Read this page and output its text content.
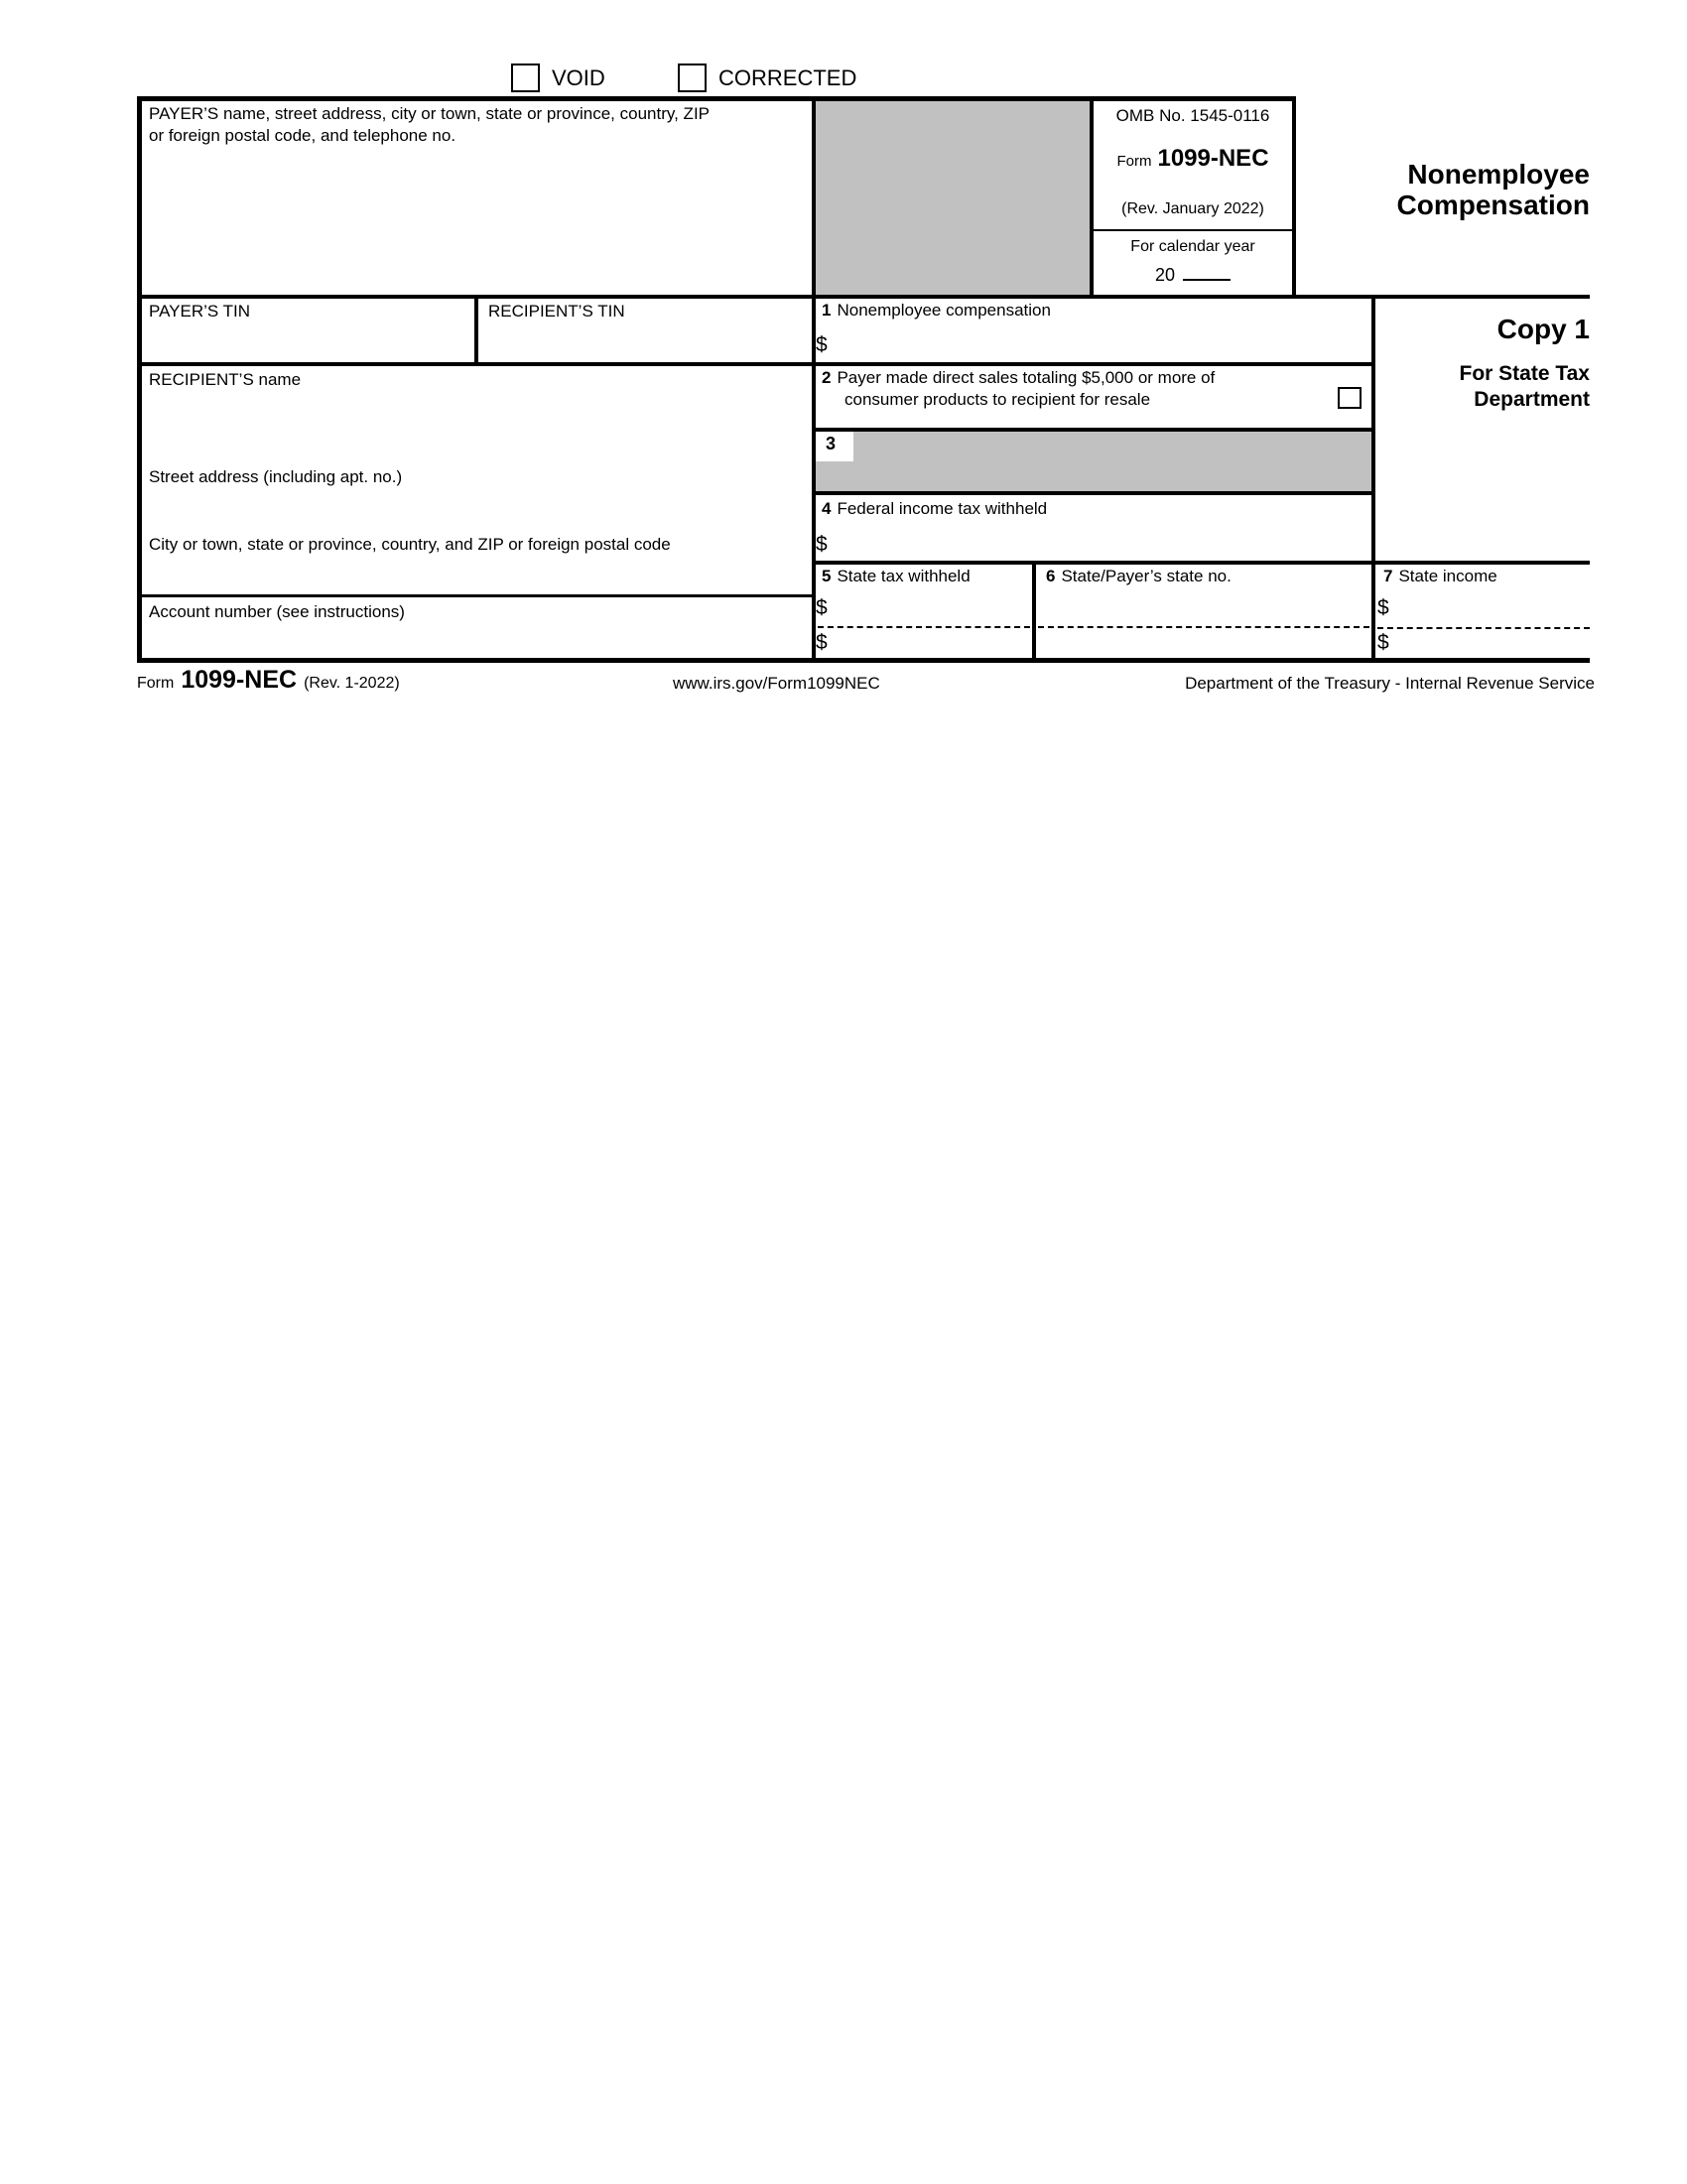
VOID	CORRECTED
PAYER’S name, street address, city or town, state or province, country, ZIP
or foreign postal code, and telephone no.
OMB No. 1545-0116
Form 1099-NEC
(Rev. January 2022)
For calendar year
20
Nonemployee
Compensation
PAYER’S TIN	RECIPIENT’S TIN
RECIPIENT’S name
Street address (including apt. no.)
City or town, state or province, country, and ZIP or foreign postal code
Account number (see instructions)
1 Nonemployee compensation
$
2 Payer made direct sales totaling $5,000 or more of
consumer products to recipient for resale
3
4 Federal income tax withheld
$
5 State tax withheld
$
$
6 State/Payer’s state no.	7 State income
$
$
Copy 1
For State Tax
Department
Form 1099-NEC (Rev. 1-2022)	www.irs.gov/Form1099NEC	Department of the Treasury - Internal Revenue Service
